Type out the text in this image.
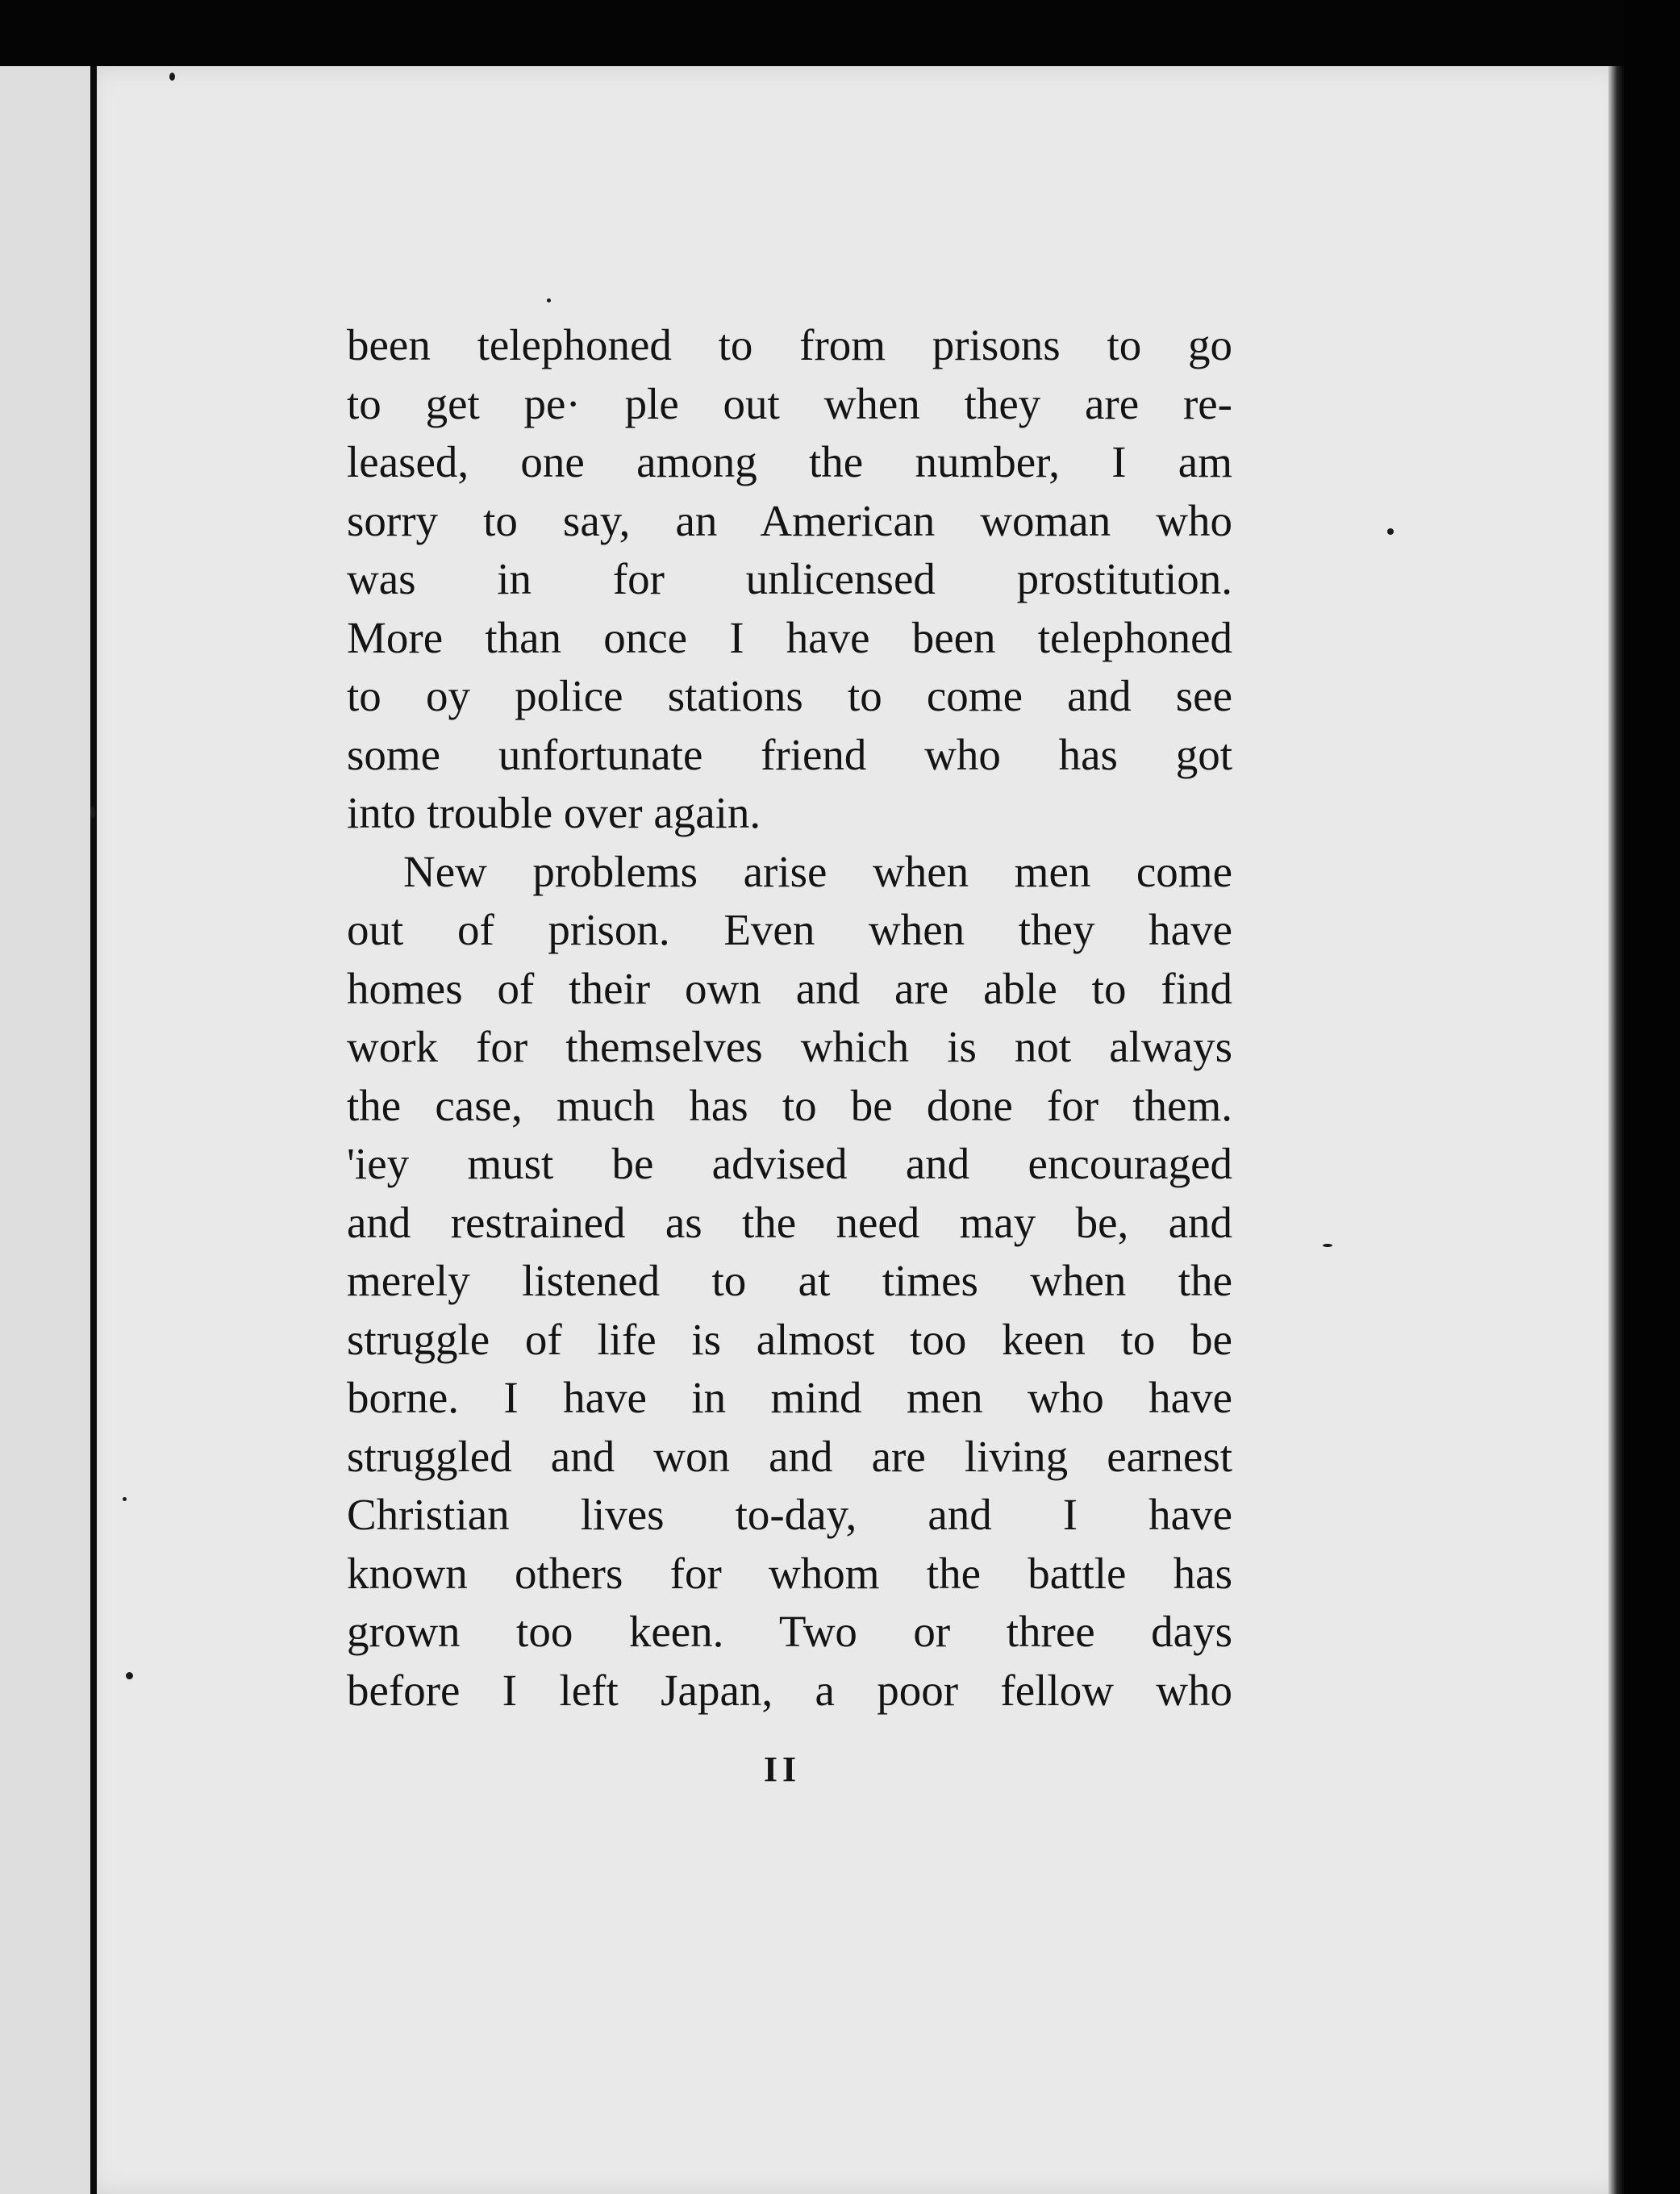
been telephoned to from prisons to go
to get pe· ple out when they are re-
leased, one among the number, I am
sorry to say, an American woman who
was in for unlicensed prostitution.
More than once I have been telephoned
to oy police stations to come and see
some unfortunate friend who has got
into trouble over again.
New problems arise when men come
out of prison. Even when they have
homes of their own and are able to find
work for themselves which is not always
the case, much has to be done for them.
'iey must be advised and encouraged
and restrained as the need may be, and
merely listened to at times when the
struggle of life is almost too keen to be
borne. I have in mind men who have
struggled and won and are living earnest
Christian lives to-day, and I have
known others for whom the battle has
grown too keen. Two or three days
before I left Japan, a poor fellow who
II
